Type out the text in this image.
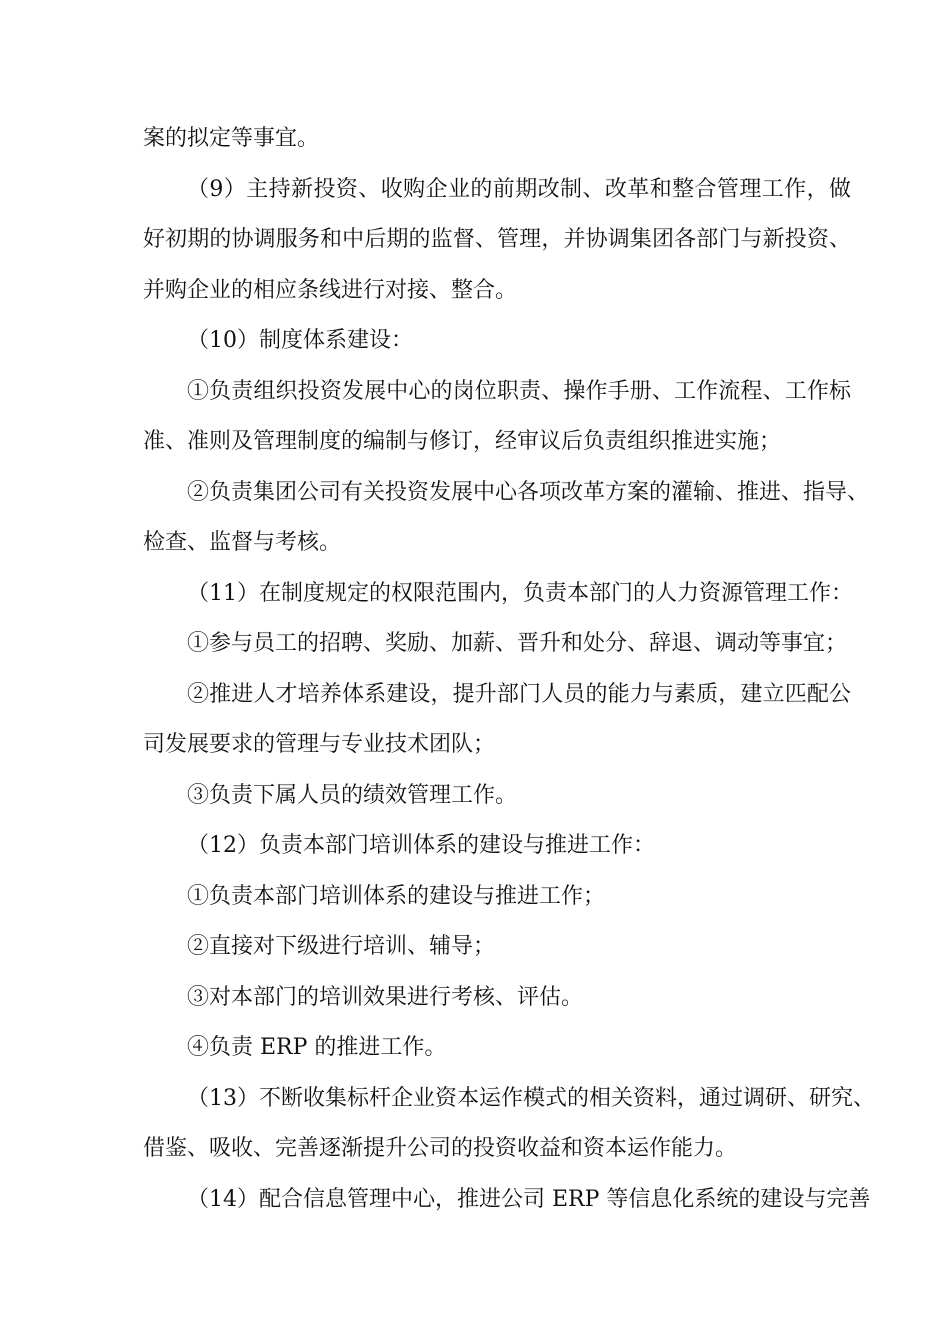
案的拟定等事宜。
（9）主持新投资、收购企业的前期改制、改革和整合管理工作，做
好初期的协调服务和中后期的监督、管理，并协调集团各部门与新投资、
并购企业的相应条线进行对接、整合。
（10）制度体系建设：
①负责组织投资发展中心的岗位职责、操作手册、工作流程、工作标
准、准则及管理制度的编制与修订，经审议后负责组织推进实施；
②负责集团公司有关投资发展中心各项改革方案的灌输、推进、指导、
检查、监督与考核。
（11）在制度规定的权限范围内，负责本部门的人力资源管理工作：
①参与员工的招聘、奖励、加薪、晋升和处分、辞退、调动等事宜；
②推进人才培养体系建设，提升部门人员的能力与素质，建立匹配公
司发展要求的管理与专业技术团队；
③负责下属人员的绩效管理工作。
（12）负责本部门培训体系的建设与推进工作：
①负责本部门培训体系的建设与推进工作；
②直接对下级进行培训、辅导；
③对本部门的培训效果进行考核、评估。
④负责 ERP 的推进工作。
（13）不断收集标杆企业资本运作模式的相关资料，通过调研、研究、
借鉴、吸收、完善逐渐提升公司的投资收益和资本运作能力。
（14）配合信息管理中心，推进公司 ERP 等信息化系统的建设与完善
